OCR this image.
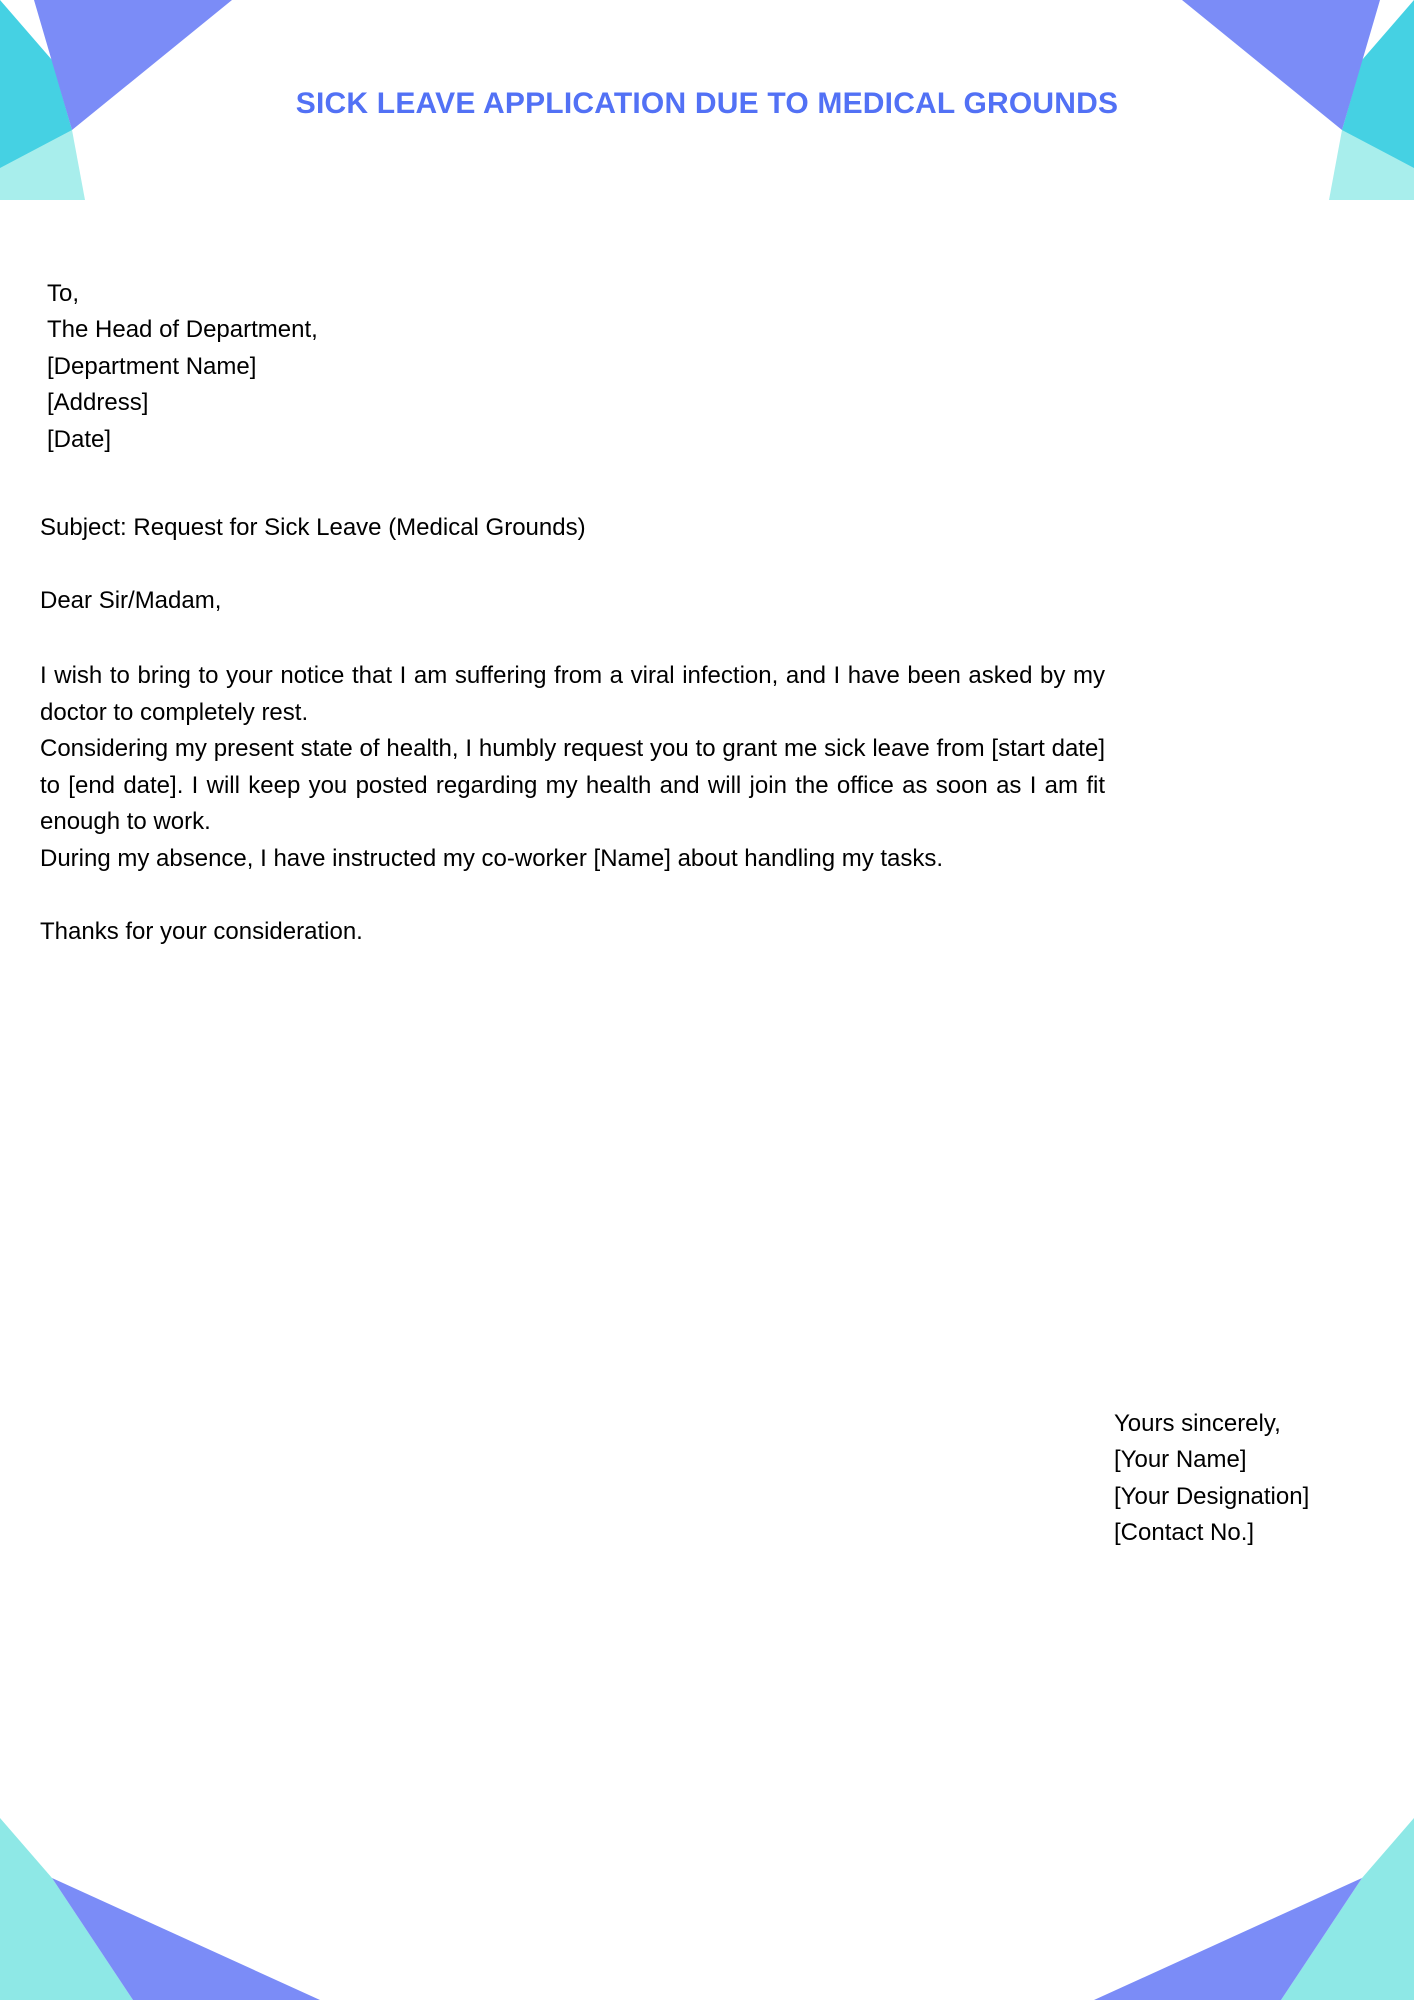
SICK LEAVE APPLICATION DUE TO MEDICAL GROUNDS
To,
The Head of Department,
[Department Name]
[Address]
[Date]
Subject: Request for Sick Leave (Medical Grounds)
Dear Sir/Madam,

I wish to bring to your notice that I am suffering from a viral infection, and I have been asked by my doctor to completely rest.

Considering my present state of health, I humbly request you to grant me sick leave from [start date] to [end date]. I will keep you posted regarding my health and will join the office as soon as I am fit enough to work.

During my absence, I have instructed my co-worker [Name] about handling my tasks.

Thanks for your consideration.
Yours sincerely,
[Your Name]
[Your Designation]
[Contact No.]
